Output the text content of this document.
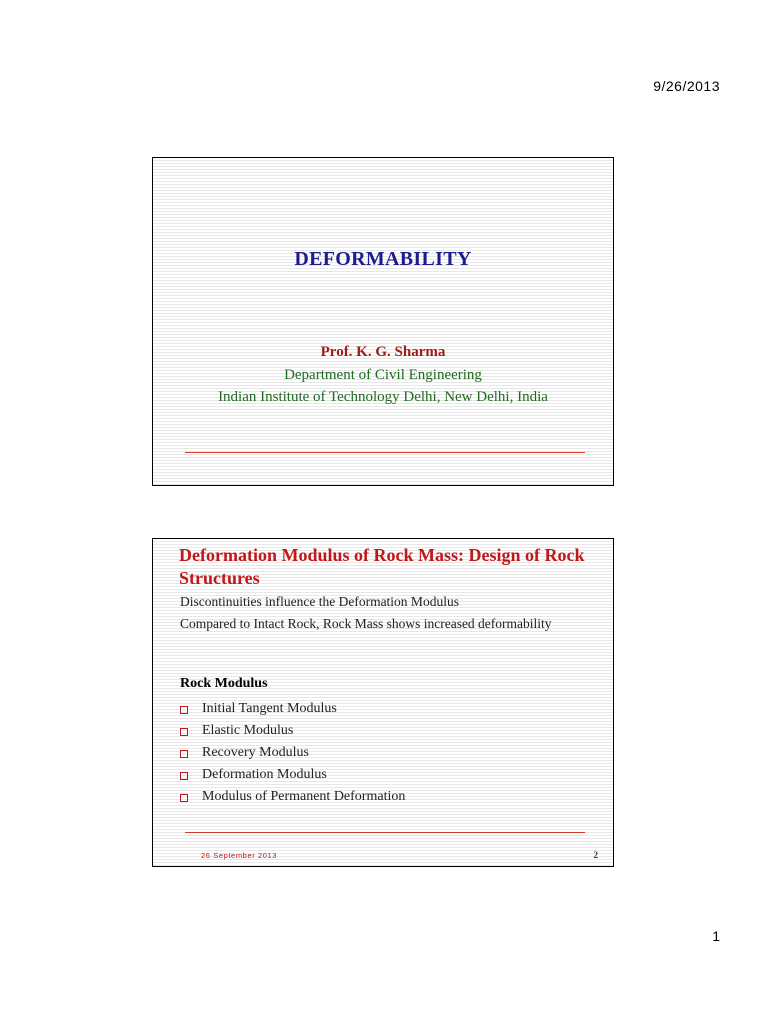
9/26/2013
DEFORMABILITY
Prof. K. G. Sharma
Department of Civil Engineering
Indian Institute of Technology Delhi, New Delhi, India
Deformation Modulus of Rock Mass: Design of Rock Structures
Discontinuities influence the Deformation Modulus
Compared to Intact Rock, Rock Mass shows increased deformability
Rock Modulus
Initial Tangent Modulus
Elastic Modulus
Recovery Modulus
Deformation Modulus
Modulus of Permanent Deformation
26 September 2013	2
1
